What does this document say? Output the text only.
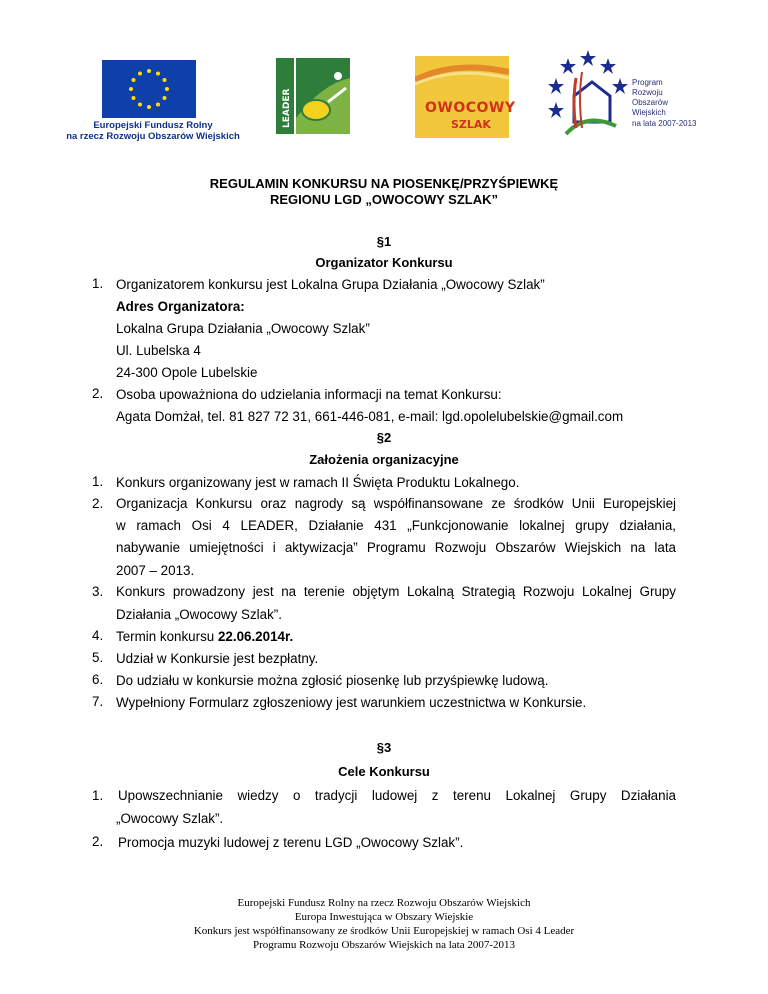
Europejski Fundusz Rolny
na rzecz Rozwoju Obszarów Wiejskich
LEADER	OWOCOWY
SZLAK
Program
Rozwoju
Obszarów
Wiejskich
na lata 2007-2013
REGULAMIN KONKURSU NA PIOSENKĘ/PRZYŚPIEWKĘ
REGIONU LGD „OWOCOWY SZLAK”
§1
Organizator Konkursu
1. Organizatorem konkursu jest Lokalna Grupa Działania „Owocowy Szlak”
Adres Organizatora:
Lokalna Grupa Działania „Owocowy Szlak”
Ul. Lubelska 4
24-300 Opole Lubelskie
2. Osoba upoważniona do udzielania informacji na temat Konkursu:
Agata Domżał, tel. 81 827 72 31, 661-446-081, e-mail: lgd.opolelubelskie@gmail.com
§2
Założenia organizacyjne
1. Konkurs organizowany jest w ramach II Święta Produktu Lokalnego.
2. Organizacja Konkursu oraz nagrody są współfinansowane ze środków Unii Europejskiej
w ramach Osi 4 LEADER, Działanie 431 „Funkcjonowanie lokalnej grupy działania,
nabywanie umiejętności i aktywizacja” Programu Rozwoju Obszarów Wiejskich na lata
2007 – 2013.
3. Konkurs prowadzony jest na terenie objętym Lokalną Strategią Rozwoju Lokalnej Grupy
Działania „Owocowy Szlak”.
4. Termin konkursu 22.06.2014r.
5. Udział w Konkursie jest bezpłatny.
6. Do udziału w konkursie można zgłosić piosenkę lub przyśpiewkę ludową.
7. Wypełniony Formularz zgłoszeniowy jest warunkiem uczestnictwa w Konkursie.
§3
Cele Konkursu
1. Upowszechnianie wiedzy o tradycji ludowej z terenu Lokalnej Grupy Działania
„Owocowy Szlak”.
2. Promocja muzyki ludowej z terenu LGD „Owocowy Szlak”.
Europejski Fundusz Rolny na rzecz Rozwoju Obszarów Wiejskich
Europa Inwestująca w Obszary Wiejskie
Konkurs jest współfinansowany ze środków Unii Europejskiej w ramach Osi 4 Leader
Programu Rozwoju Obszarów Wiejskich na lata 2007-2013
